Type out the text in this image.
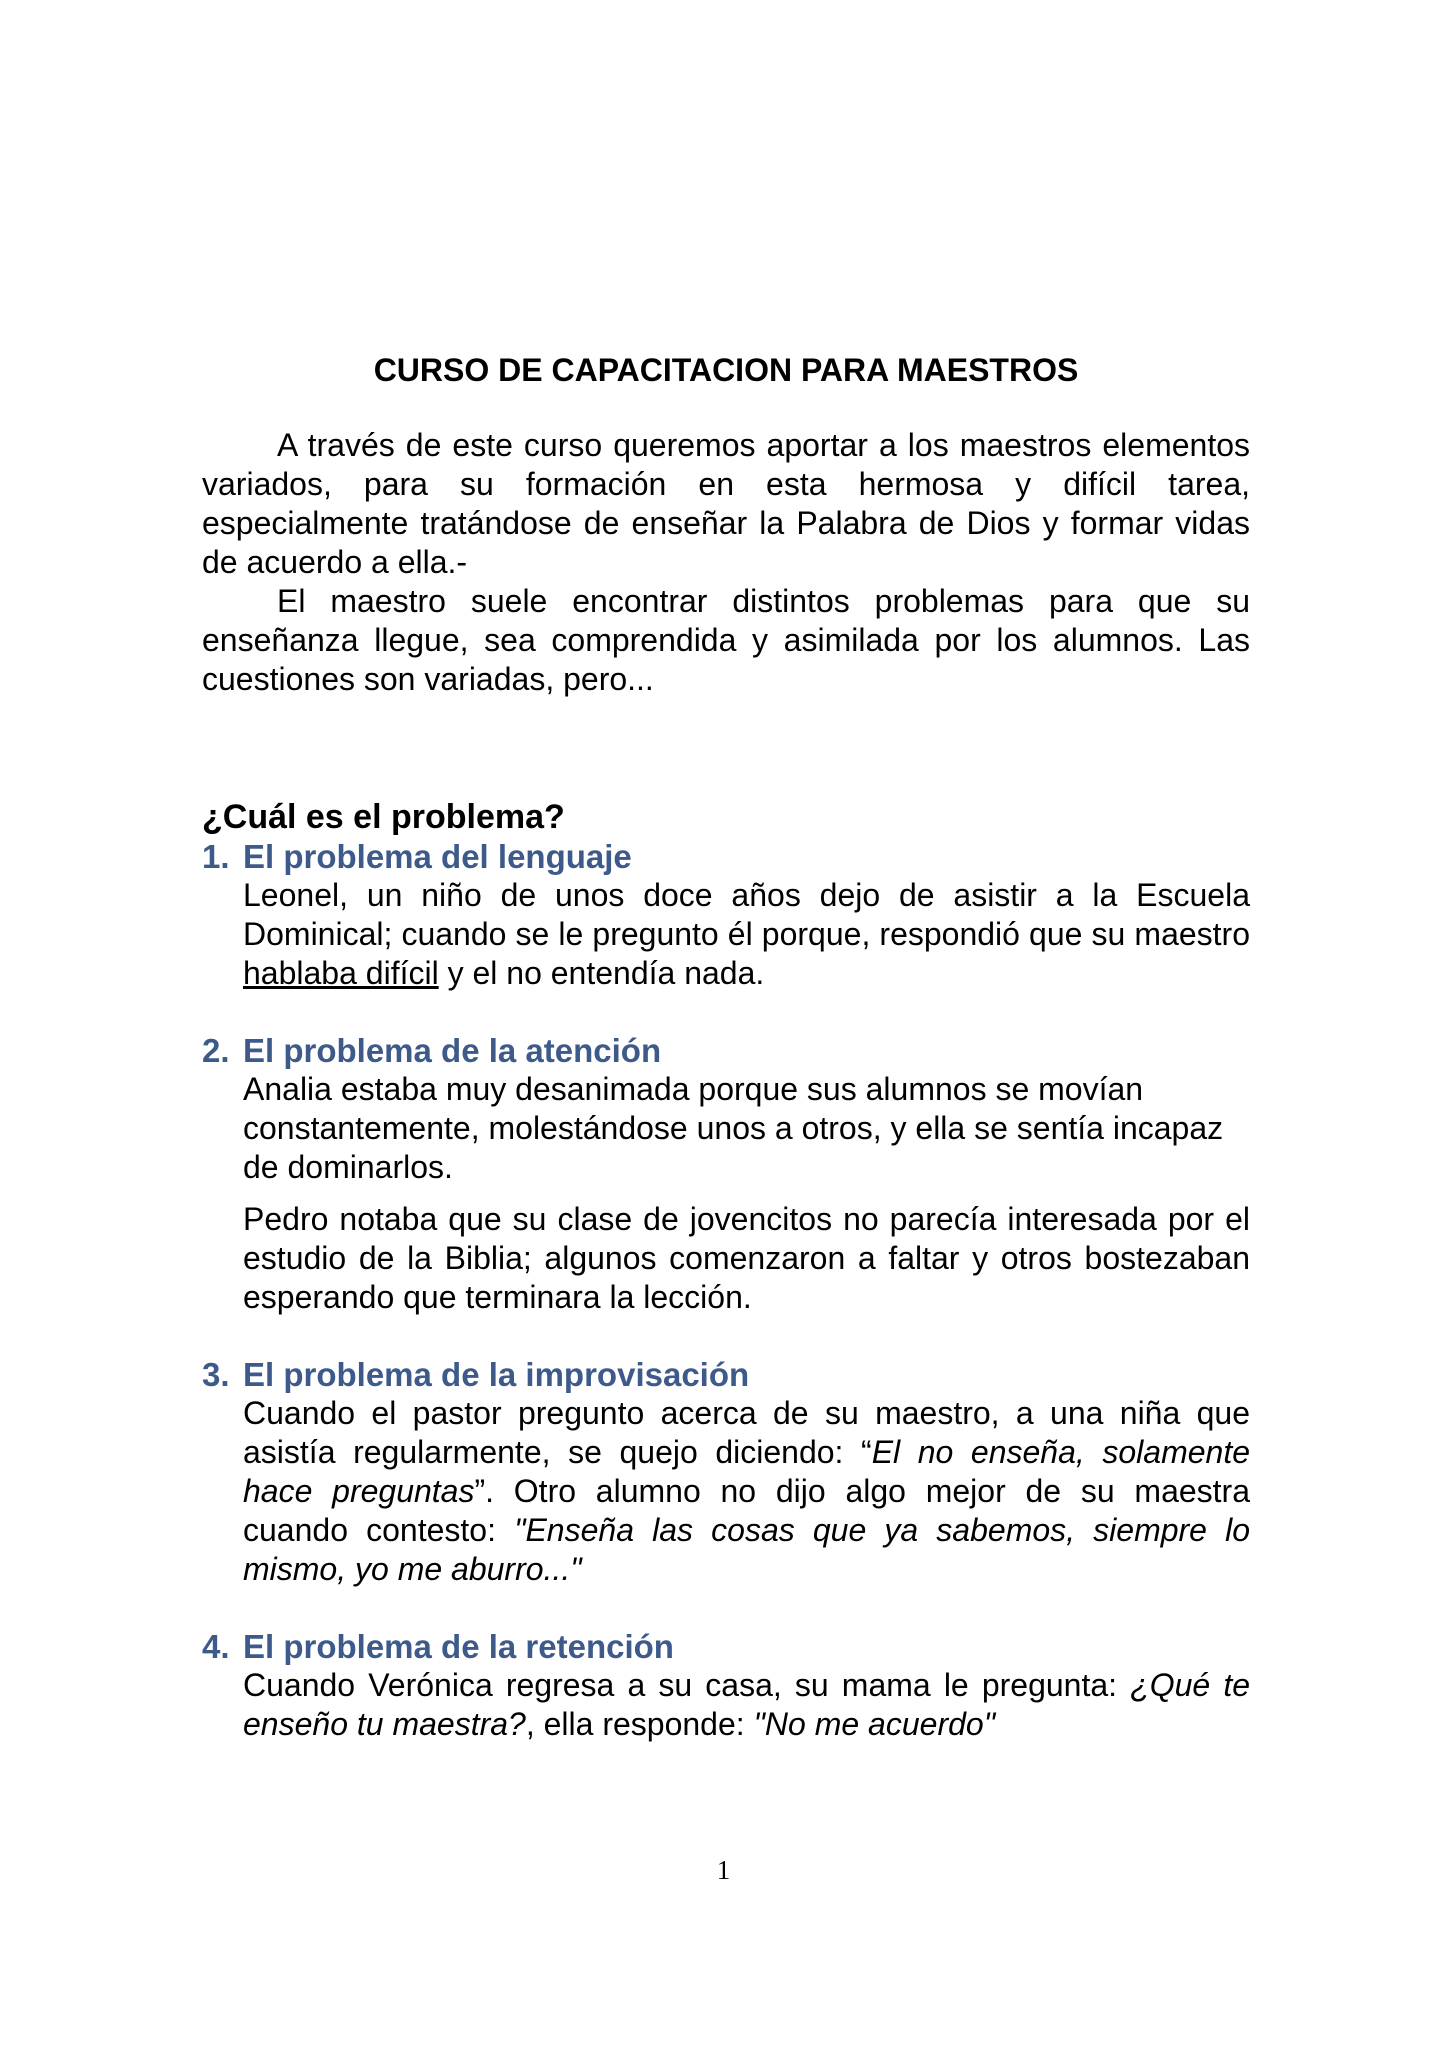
CURSO DE CAPACITACION PARA MAESTROS

A través de este curso queremos aportar a los maestros elementos variados, para su formación en esta hermosa y difícil tarea, especialmente tratándose de enseñar la Palabra de Dios y formar vidas de acuerdo a ella.-

El maestro suele encontrar distintos problemas para que su enseñanza llegue, sea comprendida y asimilada por los alumnos. Las cuestiones son variadas, pero...

¿Cuál es el problema?
1. El problema del lenguaje

Leonel, un niño de unos doce años dejo de asistir a la Escuela Dominical; cuando se le pregunto él porque, respondió que su maestro hablaba difícil y el no entendía nada.

2. El problema de la atención

Analia estaba muy desanimada porque sus alumnos se movían constantemente, molestándose unos a otros, y ella se sentía incapaz de dominarlos.

Pedro notaba que su clase de jovencitos no parecía interesada por el estudio de la Biblia; algunos comenzaron a faltar y otros bostezaban esperando que terminara la lección.

3. El problema de la improvisación

Cuando el pastor pregunto acerca de su maestro, a una niña que asistía regularmente, se quejo diciendo: “El no enseña, solamente hace preguntas”. Otro alumno no dijo algo mejor de su maestra cuando contesto: "Enseña las cosas que ya sabemos, siempre lo mismo, yo me aburro..."

4. El problema de la retención

Cuando Verónica regresa a su casa, su mama le pregunta: ¿Qué te enseño tu maestra?, ella responde: "No me acuerdo"

1
